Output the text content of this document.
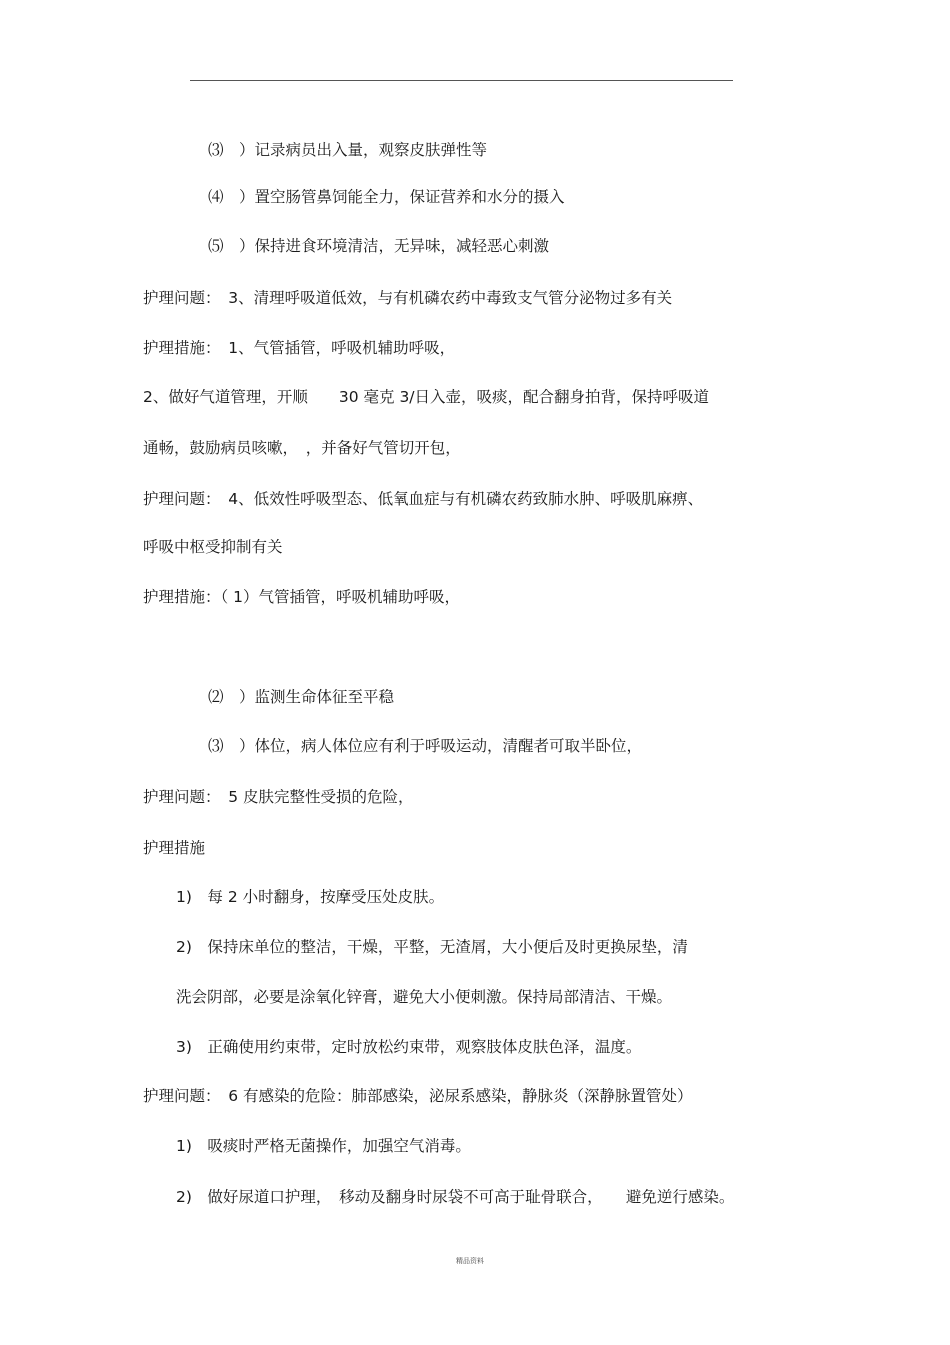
⑶　）记录病员出入量，观察皮肤弹性等
⑷　）置空肠管鼻饲能全力，保证营养和水分的摄入
⑸　）保持进食环境清洁，无异味，减轻恶心刺激
护理问题：　3、清理呼吸道低效，与有机磷农药中毒致支气管分泌物过多有关
护理措施：　1、气管插管，呼吸机辅助呼吸，
2、做好气道管理，开顺　　30 毫克 3/日入壶，吸痰，配合翻身拍背，保持呼吸道
通畅，鼓励病员咳嗽，　，并备好气管切开包，
护理问题：　4、低效性呼吸型态、低氧血症与有机磷农药致肺水肿、呼吸肌麻痹、
呼吸中枢受抑制有关
护理措施：（ 1）气管插管，呼吸机辅助呼吸，
⑵　）监测生命体征至平稳
⑶　）体位，病人体位应有利于呼吸运动，清醒者可取半卧位，
护理问题：　5 皮肤完整性受损的危险，
护理措施
1)　每 2 小时翻身，按摩受压处皮肤。
2)　保持床单位的整洁，干燥，平整，无渣屑，大小便后及时更换尿垫，清
洗会阴部，必要是涂氧化锌膏，避免大小便刺激。保持局部清洁、干燥。
3)　正确使用约束带，定时放松约束带，观察肢体皮肤色泽，温度。
护理问题：　6 有感染的危险：肺部感染，泌尿系感染，静脉炎（深静脉置管处）
1)　吸痰时严格无菌操作，加强空气消毒。
2)　做好尿道口护理，　移动及翻身时尿袋不可高于耻骨联合，　　避免逆行感染。
精品资料
